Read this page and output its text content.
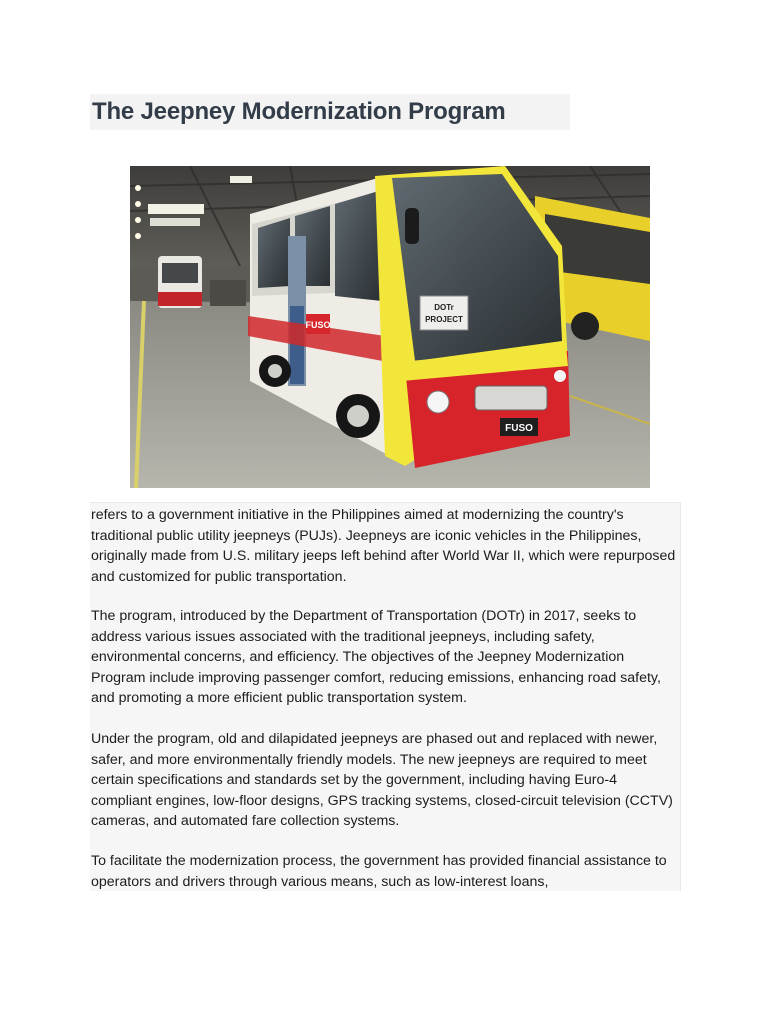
The Jeepney Modernization Program
FUSO
DOTr
PROJECT
FUSO

refers to a government initiative in the Philippines aimed at modernizing the country's traditional public utility jeepneys (PUJs). Jeepneys are iconic vehicles in the Philippines, originally made from U.S. military jeeps left behind after World War II, which were repurposed and customized for public transportation.

The program, introduced by the Department of Transportation (DOTr) in 2017, seeks to address various issues associated with the traditional jeepneys, including safety, environmental concerns, and efficiency. The objectives of the Jeepney Modernization Program include improving passenger comfort, reducing emissions, enhancing road safety, and promoting a more efficient public transportation system.

Under the program, old and dilapidated jeepneys are phased out and replaced with newer, safer, and more environmentally friendly models. The new jeepneys are required to meet certain specifications and standards set by the government, including having Euro-4 compliant engines, low-floor designs, GPS tracking systems, closed-circuit television (CCTV) cameras, and automated fare collection systems.

To facilitate the modernization process, the government has provided financial assistance to operators and drivers through various means, such as low-interest loans,
